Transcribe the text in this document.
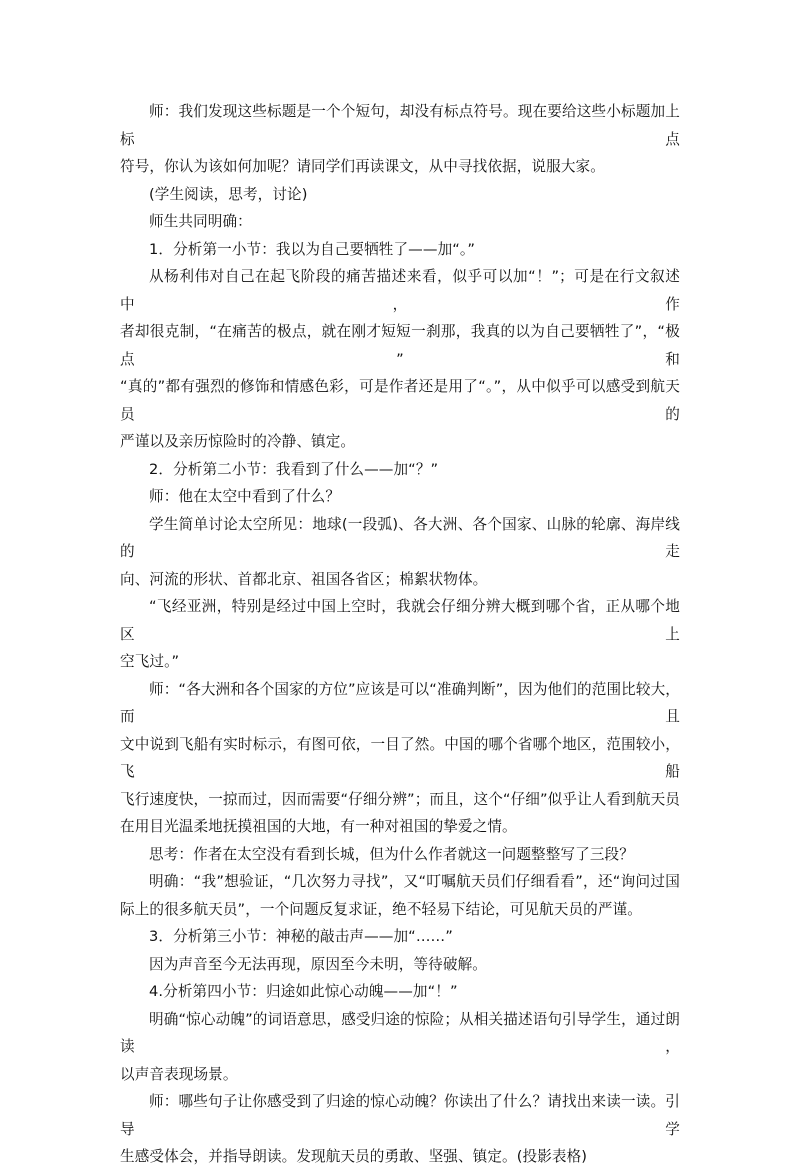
师：我们发现这些标题是一个个短句，却没有标点符号。现在要给这些小标题加上标点
符号，你认为该如何加呢？请同学们再读课文，从中寻找依据，说服大家。
(学生阅读，思考，讨论)
师生共同明确：
1．分析第一小节：我以为自己要牺牲了——加“。”
从杨利伟对自己在起飞阶段的痛苦描述来看，似乎可以加“！”；可是在行文叙述中，作
者却很克制，“在痛苦的极点，就在刚才短短一刹那，我真的以为自己要牺牲了”，“极点”和
“真的”都有强烈的修饰和情感色彩，可是作者还是用了“。”，从中似乎可以感受到航天员的
严谨以及亲历惊险时的冷静、镇定。
2．分析第二小节：我看到了什么——加“？”
师：他在太空中看到了什么？
学生简单讨论太空所见：地球(一段弧)、各大洲、各个国家、山脉的轮廓、海岸线的走
向、河流的形状、首都北京、祖国各省区；棉絮状物体。
“飞经亚洲，特别是经过中国上空时，我就会仔细分辨大概到哪个省，正从哪个地区上
空飞过。”
师：“各大洲和各个国家的方位”应该是可以“准确判断”，因为他们的范围比较大，而且
文中说到飞船有实时标示，有图可依，一目了然。中国的哪个省哪个地区，范围较小，飞船
飞行速度快，一掠而过，因而需要“仔细分辨”；而且，这个“仔细”似乎让人看到航天员
在用目光温柔地抚摸祖国的大地，有一种对祖国的挚爱之情。
思考：作者在太空没有看到长城，但为什么作者就这一问题整整写了三段？
明确：“我”想验证，“几次努力寻找”，又“叮嘱航天员们仔细看看”，还“询问过国
际上的很多航天员”，一个问题反复求证，绝不轻易下结论，可见航天员的严谨。
3．分析第三小节：神秘的敲击声——加“……”
因为声音至今无法再现，原因至今未明，等待破解。
4.分析第四小节：归途如此惊心动魄——加“！”
明确“惊心动魄”的词语意思，感受归途的惊险；从相关描述语句引导学生，通过朗读，
以声音表现场景。
师：哪些句子让你感受到了归途的惊心动魄？你读出了什么？请找出来读一读。引导学
生感受体会，并指导朗读。发现航天员的勇敢、坚强、镇定。(投影表格)
